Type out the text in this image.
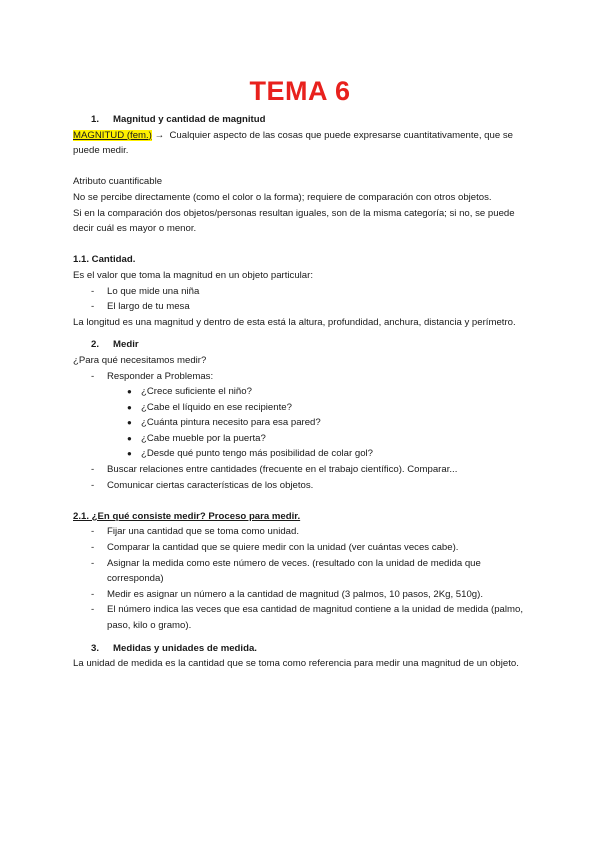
TEMA 6

1. Magnitud y cantidad de magnitud

MAGNITUD (fem.) → Cualquier aspecto de las cosas que puede expresarse cuantitativamente, que se puede medir.

Atributo cuantificable

No se percibe directamente (como el color o la forma); requiere de comparación con otros objetos.

Si en la comparación dos objetos/personas resultan iguales, son de la misma categoría; si no, se puede decir cuál es mayor o menor.

1.1. Cantidad.

Es el valor que toma la magnitud en un objeto particular:

- Lo que mide una niña
- El largo de tu mesa

La longitud es una magnitud y dentro de esta está la altura, profundidad, anchura, distancia y perímetro.

2. Medir

¿Para qué necesitamos medir?

- Responder a Problemas:
● ¿Crece suficiente el niño?
● ¿Cabe el líquido en ese recipiente?
● ¿Cuánta pintura necesito para esa pared?
● ¿Cabe mueble por la puerta?
● ¿Desde qué punto tengo más posibilidad de colar gol?
- Buscar relaciones entre cantidades (frecuente en el trabajo científico). Comparar...
- Comunicar ciertas características de los objetos.

2.1. ¿En qué consiste medir? Proceso para medir.

- Fijar una cantidad que se toma como unidad.
- Comparar la cantidad que se quiere medir con la unidad (ver cuántas veces cabe).
- Asignar la medida como este número de veces. (resultado con la unidad de medida que corresponda)
- Medir es asignar un número a la cantidad de magnitud (3 palmos, 10 pasos, 2Kg, 510g).
- El número indica las veces que esa cantidad de magnitud contiene a la unidad de medida (palmo, paso, kilo o gramo).

3. Medidas y unidades de medida.

La unidad de medida es la cantidad que se toma como referencia para medir una magnitud de un objeto.
